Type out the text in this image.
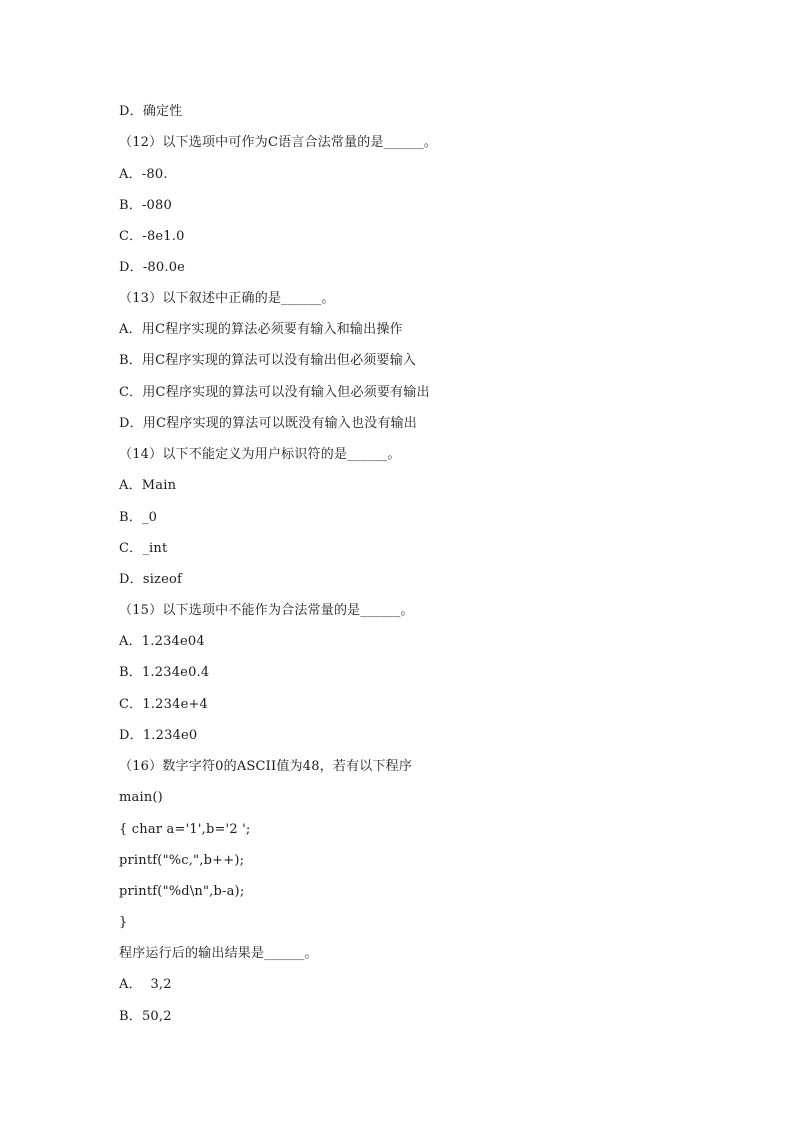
D．确定性
（12）以下选项中可作为C语言合法常量的是______。
A．-80.
B．-080
C．-8e1.0
D．-80.0e
（13）以下叙述中正确的是______。
A．用C程序实现的算法必须要有输入和输出操作
B．用C程序实现的算法可以没有输出但必须要输入
C．用C程序实现的算法可以没有输入但必须要有输出
D．用C程序实现的算法可以既没有输入也没有输出
（14）以下不能定义为用户标识符的是______。
A．Main
B．_0
C．_int
D．sizeof
（15）以下选项中不能作为合法常量的是______。
A．1.234e04
B．1.234e0.4
C．1.234e+4
D．1.234e0
（16）数字字符0的ASCII值为48，若有以下程序
main()
{ char a='1',b='2 ';
printf("%c,",b++);
printf("%d\n",b-a);
}
程序运行后的输出结果是______。
A．  3,2
B．50,2
